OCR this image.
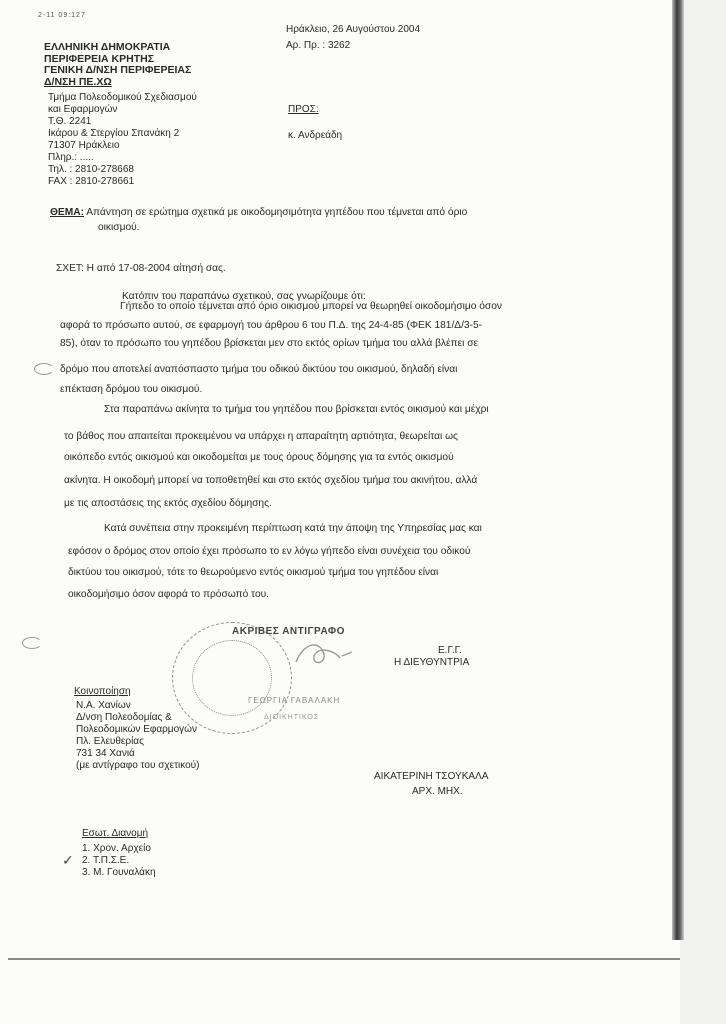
2-11 09:127
ΕΛΛΗΝΙΚΗ ΔΗΜΟΚΡΑΤΙΑ
ΠΕΡΙΦΕΡΕΙΑ ΚΡΗΤΗΣ
ΓΕΝΙΚΗ Δ/ΝΣΗ ΠΕΡΙΦΕΡΕΙΑΣ
Δ/ΝΣΗ ΠΕ.ΧΩ
Τμήμα Πολεοδομικού Σχεδιασμού
και Εφαρμογών
Τ.Θ. 2241
Ικάρου & Στεργίου Σπανάκη 2
71307 Ηράκλειο
Πληρ.: .....
Τηλ. : 2810-278668
FAX : 2810-278661
Ηράκλειο, 26 Αυγούστου 2004
Αρ. Πρ. : 3262
ΠΡΟΣ:
κ. Ανδρεάδη
ΘΕΜΑ: Απάντηση σε ερώτημα σχετικά με οικοδομησιμότητα γηπέδου που τέμνεται από όριο
οικισμού.
ΣΧΕΤ: Η από 17-08-2004 αίτησή σας.
Κατόπιν του παραπάνω σχετικού, σας γνωρίζουμε ότι:
Γήπεδο το οποίο τέμνεται από όριο οικισμού μπορεί να θεωρηθεί οικοδομήσιμο όσον
αφορά το πρόσωπο αυτού, σε εφαρμογή του άρθρου 6 του Π.Δ. της 24-4-85 (ΦΕΚ 181/Δ/3-5-
85), όταν το πρόσωπο του γηπέδου βρίσκεται μεν στο εκτός ορίων τμήμα του αλλά βλέπει σε
δρόμο που αποτελεί αναπόσπαστο τμήμα του οδικού δικτύου του οικισμού, δηλαδή είναι
επέκταση δρόμου του οικισμού.
Στα παραπάνω ακίνητα το τμήμα του γηπέδου που βρίσκεται εντός οικισμού και μέχρι
το βάθος που απαιτείται προκειμένου να υπάρχει η απαραίτητη αρτιότητα, θεωρείται ως
οικόπεδο εντός οικισμού και οικοδομείται με τους όρους δόμησης για τα εντός οικισμού
ακίνητα. Η οικοδομή μπορεί να τοποθετηθεί και στο εκτός σχεδίου τμήμα του ακινήτου, αλλά
με τις αποστάσεις της εκτός σχεδίου δόμησης.
Κατά συνέπεια στην προκειμένη περίπτωση κατά την άποψη της Υπηρεσίας μας και
εφόσον ο δρόμος στον οποίο έχει πρόσωπο το εν λόγω γήπεδο είναι συνέχεια του οδικού
δικτύου του οικισμού, τότε το θεωρούμενο εντός οικισμού τμήμα του γηπέδου είναι
οικοδομήσιμο όσον αφορά το πρόσωπό του.
ΑΚΡΙΒΕΣ ΑΝΤΙΓΡΑΦΟ
ΓΕΩΡΓΙΑ ΓΑΒΑΛΑΚΗ
ΔΙΟΙΚΗΤΙΚΟΣ
Ε.Γ.Γ.
Η ΔΙΕΥΘΥΝΤΡΙΑ
ΑΙΚΑΤΕΡΙΝΗ ΤΣΟΥΚΑΛΑ
ΑΡΧ. ΜΗΧ.
Κοινοποίηση
Ν.Α. Χανίων
Δ/νση Πολεοδομίας &
Πολεοδομικών Εφαρμογών
Πλ. Ελευθερίας
731 34 Χανιά
(με αντίγραφο του σχετικού)
Εσωτ. Διανομή
1. Χρον. Αρχείο
2. Τ.Π.Σ.Ε.
3. Μ. Γουναλάκη
✓
